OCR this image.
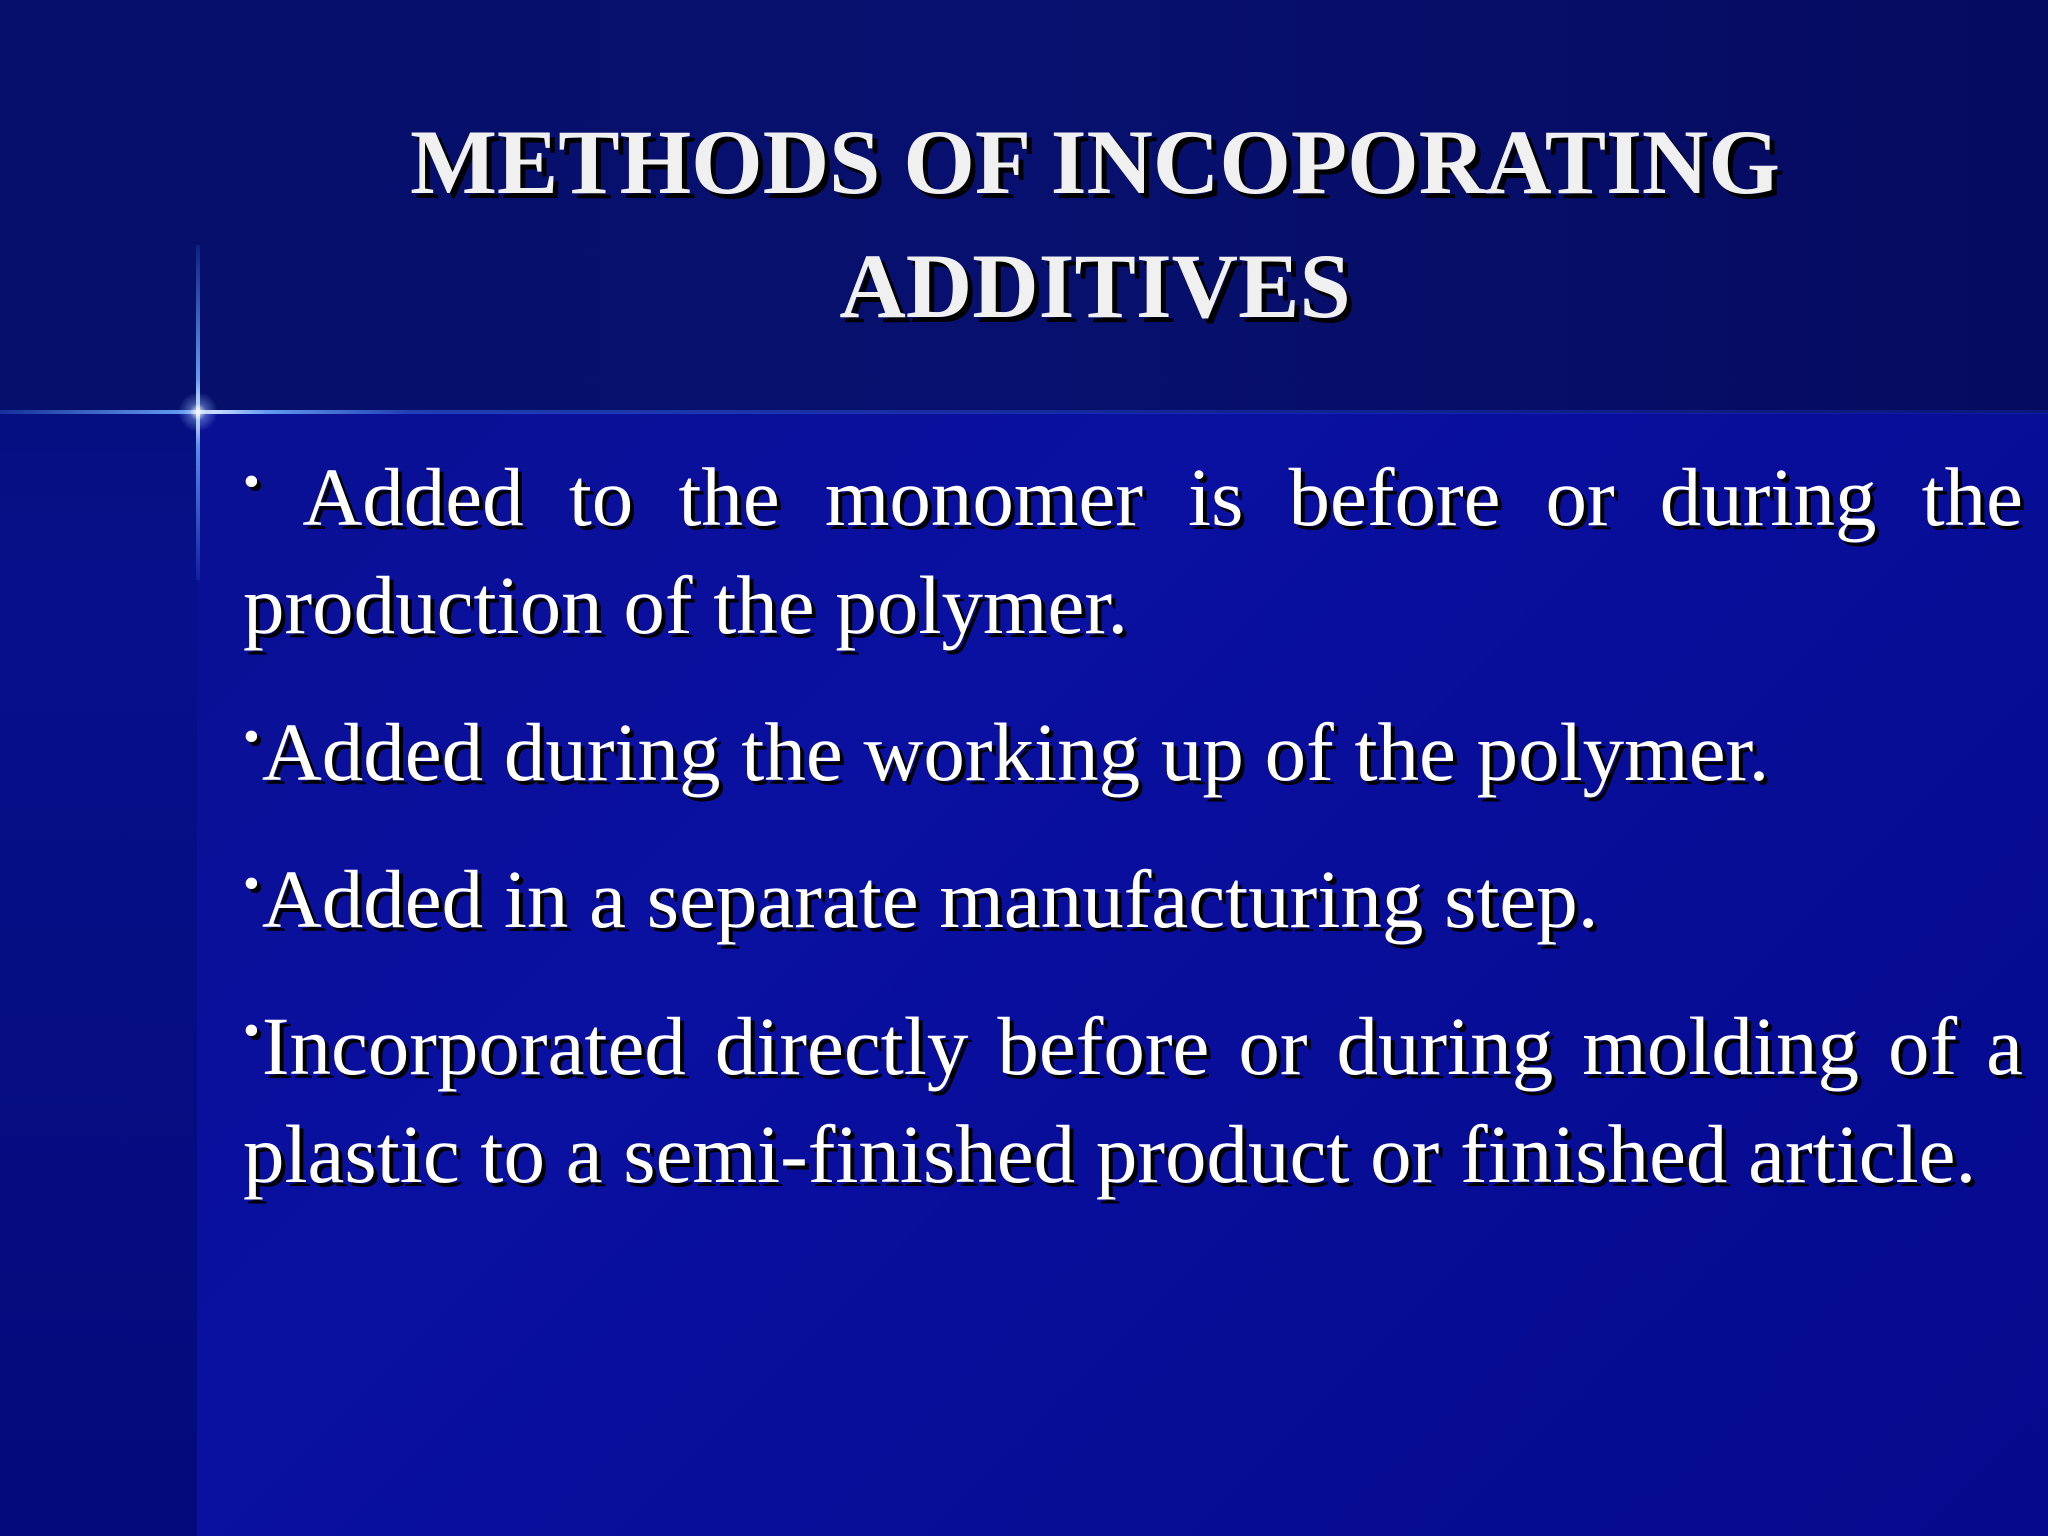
METHODS OF INCOPORATING
ADDITIVES

• Added to the monomer is before or during the production of the polymer.

•Added during the working up of the polymer.

•Added in a separate manufacturing step.

•Incorporated directly before or during molding of a plastic to a semi-finished product or finished article.
